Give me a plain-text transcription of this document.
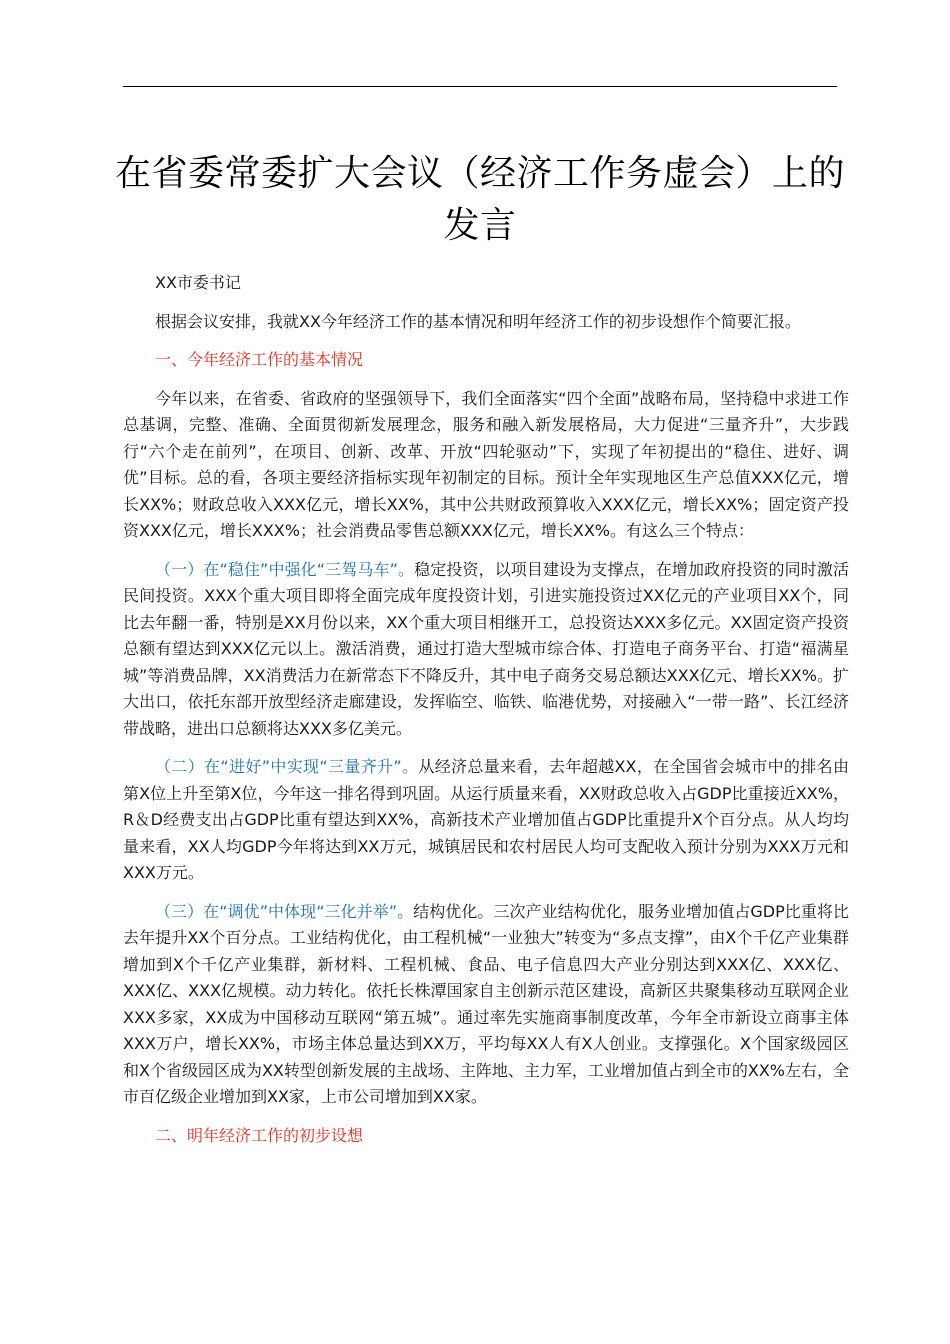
在省委常委扩大会议（经济工作务虚会）上的发言

XX市委书记

根据会议安排，我就XX今年经济工作的基本情况和明年经济工作的初步设想作个简要汇报。

一、今年经济工作的基本情况

今年以来，在省委、省政府的坚强领导下，我们全面落实“四个全面”战略布局，坚持稳中求进工作总基调，完整、准确、全面贯彻新发展理念，服务和融入新发展格局，大力促进“三量齐升”，大步践行“六个走在前列”，在项目、创新、改革、开放“四轮驱动”下，实现了年初提出的“稳住、进好、调优”目标。总的看，各项主要经济指标实现年初制定的目标。预计全年实现地区生产总值XXX亿元，增长XX%；财政总收入XXX亿元，增长XX%，其中公共财政预算收入XXX亿元，增长XX%；固定资产投资XXX亿元，增长XXX%；社会消费品零售总额XXX亿元，增长XX%。有这么三个特点：

（一）在“稳住”中强化“三驾马车”。稳定投资，以项目建设为支撑点，在增加政府投资的同时激活民间投资。XXX个重大项目即将全面完成年度投资计划，引进实施投资过XX亿元的产业项目XX个，同比去年翻一番，特别是XX月份以来，XX个重大项目相继开工，总投资达XXX多亿元。XX固定资产投资总额有望达到XXX亿元以上。激活消费，通过打造大型城市综合体、打造电子商务平台、打造“福满星城”等消费品牌，XX消费活力在新常态下不降反升，其中电子商务交易总额达XXX亿元、增长XX%。扩大出口，依托东部开放型经济走廊建设，发挥临空、临铁、临港优势，对接融入“一带一路”、长江经济带战略，进出口总额将达XXX多亿美元。

（二）在“进好”中实现“三量齐升”。从经济总量来看，去年超越XX，在全国省会城市中的排名由第X位上升至第X位，今年这一排名得到巩固。从运行质量来看，XX财政总收入占GDP比重接近XX%，R＆D经费支出占GDP比重有望达到XX%，高新技术产业增加值占GDP比重提升X个百分点。从人均均量来看，XX人均GDP今年将达到XX万元，城镇居民和农村居民人均可支配收入预计分别为XXX万元和XXX万元。

（三）在“调优”中体现“三化并举”。结构优化。三次产业结构优化，服务业增加值占GDP比重将比去年提升XX个百分点。工业结构优化，由工程机械“一业独大”转变为“多点支撑”，由X个千亿产业集群增加到X个千亿产业集群，新材料、工程机械、食品、电子信息四大产业分别达到XXX亿、XXX亿、XXX亿、XXX亿规模。动力转化。依托长株潭国家自主创新示范区建设，高新区共聚集移动互联网企业XXX多家，XX成为中国移动互联网“第五城”。通过率先实施商事制度改革，今年全市新设立商事主体XXX万户，增长XX%，市场主体总量达到XX万，平均每XX人有X人创业。支撑强化。X个国家级园区和X个省级园区成为XX转型创新发展的主战场、主阵地、主力军，工业增加值占到全市的XX%左右，全市百亿级企业增加到XX家，上市公司增加到XX家。

二、明年经济工作的初步设想
